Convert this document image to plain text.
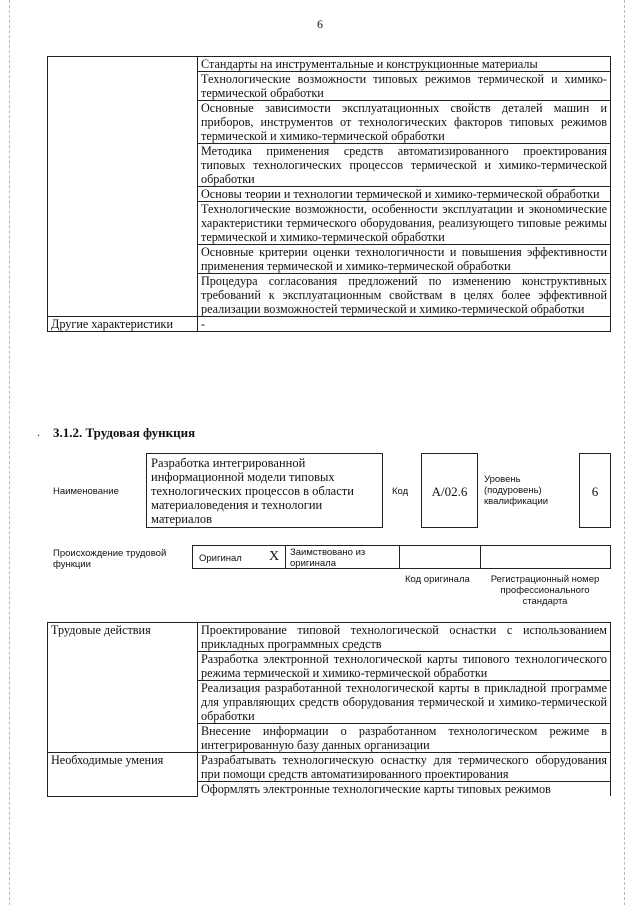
6
	Стандарты на инструментальные и конструкционные материалы
	Технологические возможности типовых режимов термической и химико-термической обработки
	Основные зависимости эксплуатационных свойств деталей машин и приборов, инструментов от технологических факторов типовых режимов термической и химико-термической обработки
	Методика применения средств автоматизированного проектирования типовых технологических процессов термической и химико-термической обработки
	Основы теории и технологии термической и химико-термической обработки
	Технологические возможности, особенности эксплуатации и экономические характеристики термического оборудования, реализующего типовые режимы термической и химико-термической обработки
	Основные критерии оценки технологичности и повышения эффективности применения термической и химико-термической обработки
	Процедура согласования предложений по изменению конструктивных требований к эксплуатационным свойствам в целях более эффективной реализации возможностей термической и химико-термической обработки
Другие характеристики	-
. 3.1.2. Трудовая функция
Наименование
Разработка интегрированной информационной модели типовых технологических процессов в области материаловедения и технологии материалов
Код	A/02.6
Уровень (подуровень) квалификации
6
Происхождение трудовой функции
Оригинал X Заимствовано из оригинала
Код оригинала	Регистрационный номер профессионального стандарта
Трудовые действия	Проектирование типовой технологической оснастки с использованием прикладных программных средств
	Разработка электронной технологической карты типового технологического режима термической и химико-термической обработки
	Реализация разработанной технологической карты в прикладной программе для управляющих средств оборудования термической и химико-термической обработки
	Внесение информации о разработанном технологическом режиме в интегрированную базу данных организации
Необходимые умения	Разрабатывать технологическую оснастку для термического оборудования при помощи средств автоматизированного проектирования
	Оформлять электронные технологические карты типовых режимов
